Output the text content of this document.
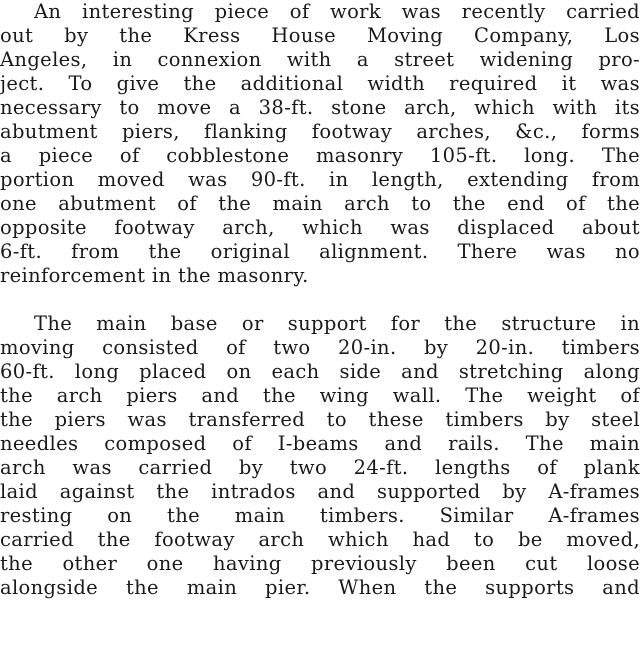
An interesting piece of work was recently carried
out by the Kress House Moving Company, Los
Angeles, in connexion with a street widening pro-
ject. To give the additional width required it was
necessary to move a 38-ft. stone arch, which with its
abutment piers, flanking footway arches, &c., forms
a piece of cobblestone masonry 105-ft. long. The
portion moved was 90-ft. in length, extending from
one abutment of the main arch to the end of the
opposite footway arch, which was displaced about
6-ft. from the original alignment. There was no
reinforcement in the masonry.
The main base or support for the structure in
moving consisted of two 20-in. by 20-in. timbers
60-ft. long placed on each side and stretching along
the arch piers and the wing wall. The weight of
the piers was transferred to these timbers by steel
needles composed of I-beams and rails. The main
arch was carried by two 24-ft. lengths of plank
laid against the intrados and supported by A-frames
resting on the main timbers. Similar A-frames
carried the footway arch which had to be moved,
the other one having previously been cut loose
alongside the main pier. When the supports and
